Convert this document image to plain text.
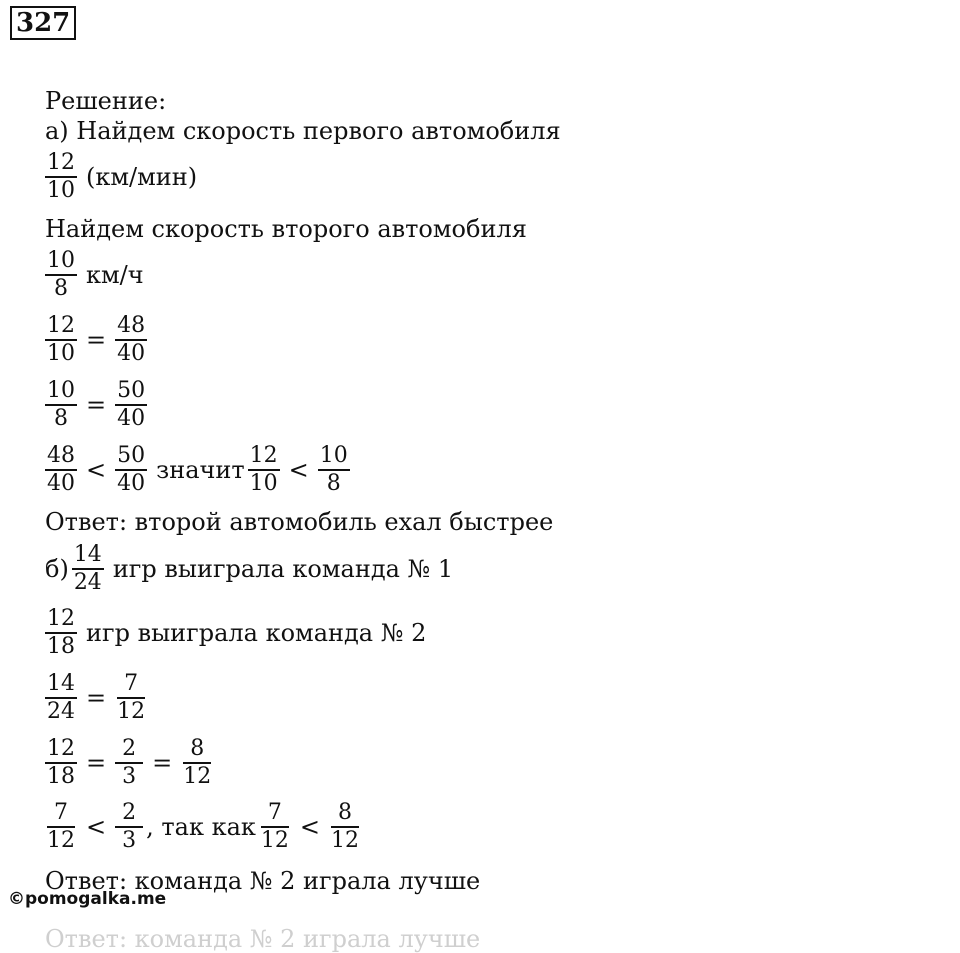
327
Решение:
а) Найдем скорость первого автомобиля
$\frac{12}{10} (км/мин)$
Найдем скорость второго автомобиля
$\frac{10}{8} км/ч$
$\frac{12}{10} = \frac{48}{40}$
$\frac{10}{8} = \frac{50}{40}$
$\frac{48}{40} < \frac{50}{40}$ значит $\frac{12}{10} < \frac{10}{8}$
Ответ: второй автомобиль ехал быстрее
$б) \frac{14}{24}$ игр выиграла команда № 1
$\frac{12}{18}$ игр выиграла команда № 2
$\frac{14}{24} = \frac{7}{12}$
$\frac{12}{18} = \frac{2}{3} = \frac{8}{12}$
$\frac{7}{12} < \frac{2}{3}$ , так как $\frac{7}{12} < \frac{8}{12}$
Ответ: команда № 2 играла лучше
©pomogalka.me
Ответ: команда № 2 играла лучше
